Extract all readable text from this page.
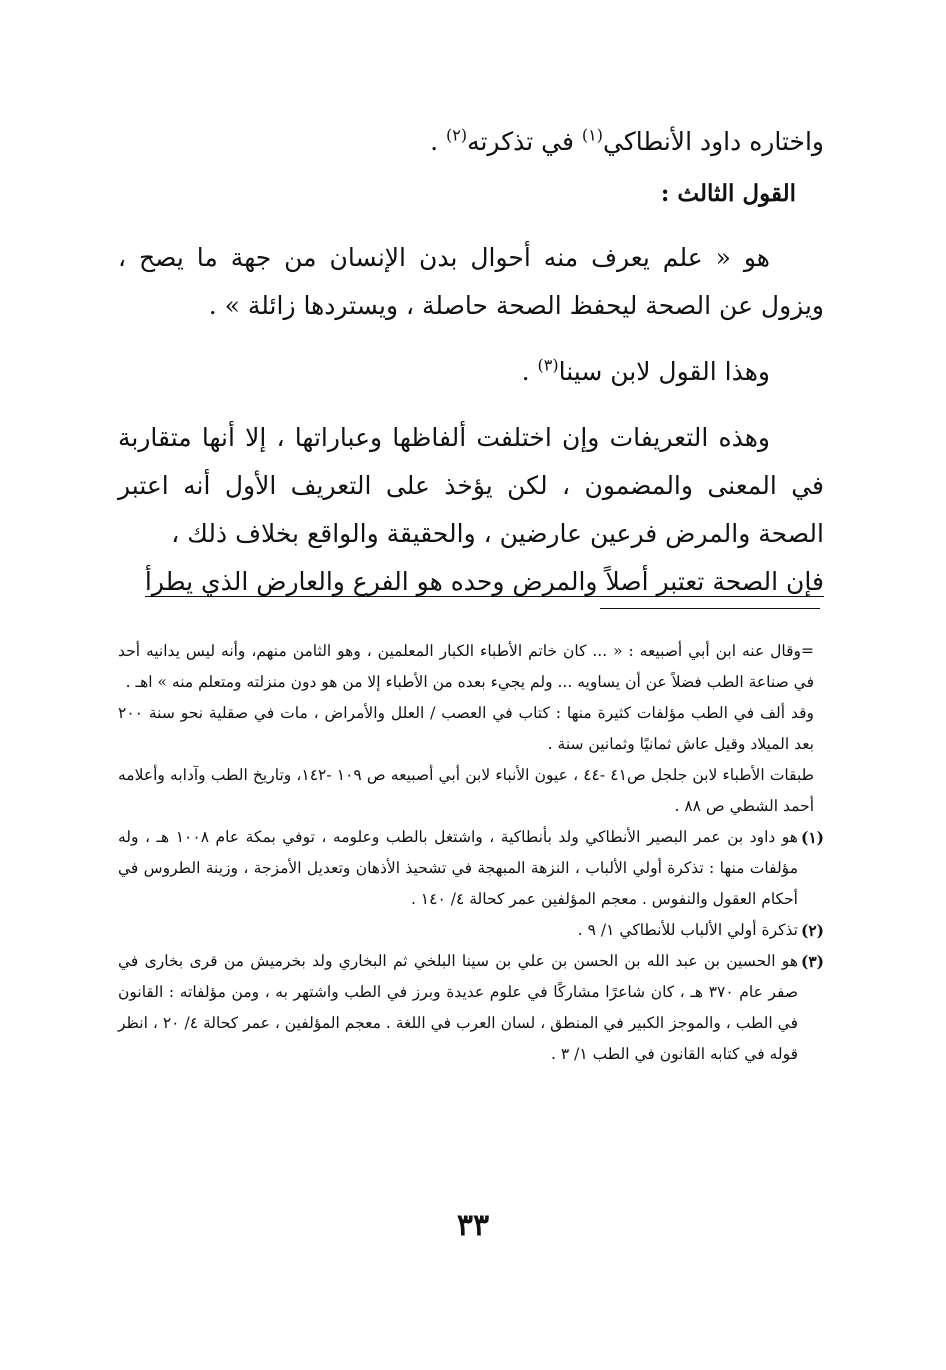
واختاره داود الأنطاكي$^{(١)}$ في تذكرته$^{(٢)}$ .

القول الثالث :

هو « علم يعرف منه أحوال بدن الإنسان من جهة ما يصح ، ويزول عن الصحة ليحفظ الصحة حاصلة ، ويستردها زائلة » .

وهذا القول لابن سينا$^{(٣)}$ .

وهذه التعريفات وإن اختلفت ألفاظها وعباراتها ، إلا أنها متقاربة في المعنى والمضمون ، لكن يؤخذ على التعريف الأول أنه اعتبر الصحة والمرض فرعين عارضين ، والحقيقة والواقع بخلاف ذلك ،

فإن الصحة تعتبر أصلاً والمرض وحده هو الفرع والعارض الذي يطرأ

=وقال عنه ابن أبي أصبيعه : « ... كان خاتم الأطباء الكبار المعلمين ، وهو الثامن منهم، وأنه ليس يدانيه أحد في صناعة الطب فضلاً عن أن يساويه ... ولم يجيء بعده من الأطباء إلا من هو دون منزلته ومتعلم منه » اهـ .

وقد ألف في الطب مؤلفات كثيرة منها : كتاب في العصب / العلل والأمراض ، مات في صقلية نحو سنة ٢٠٠ بعد الميلاد وقيل عاش ثمانيًا وثمانين سنة .

طبقات الأطباء لابن جلجل ص٤١ -٤٤ ، عيون الأنباء لابن أبي أصبيعه ص ١٠٩ -١٤٢، وتاريخ الطب وآدابه وأعلامه أحمد الشطي ص ٨٨ .

(١)
هو داود بن عمر البصير الأنطاكي ولد بأنطاكية ، واشتغل بالطب وعلومه ، توفي بمكة عام ١٠٠٨ هـ ، وله مؤلفات منها : تذكرة أولي الألباب ، النزهة المبهجة في تشحيذ الأذهان وتعديل الأمزجة ، وزينة الطروس في أحكام العقول والنفوس . معجم المؤلفين عمر كحالة ٤/ ١٤٠ .
(٢)
تذكرة أولي الألباب للأنطاكي ١/ ٩ .
(٣)
هو الحسين بن عبد الله بن الحسن بن علي بن سينا البلخي ثم البخاري ولد بخرميش من قرى بخارى في صفر عام ٣٧٠ هـ ، كان شاعرًا مشاركًا في علوم عديدة وبرز في الطب واشتهر به ، ومن مؤلفاته : القانون في الطب ، والموجز الكبير في المنطق ، لسان العرب في اللغة . معجم المؤلفين ، عمر كحالة ٤/ ٢٠ ، انظر قوله في كتابه القانون في الطب ١/ ٣ .
٣٣
